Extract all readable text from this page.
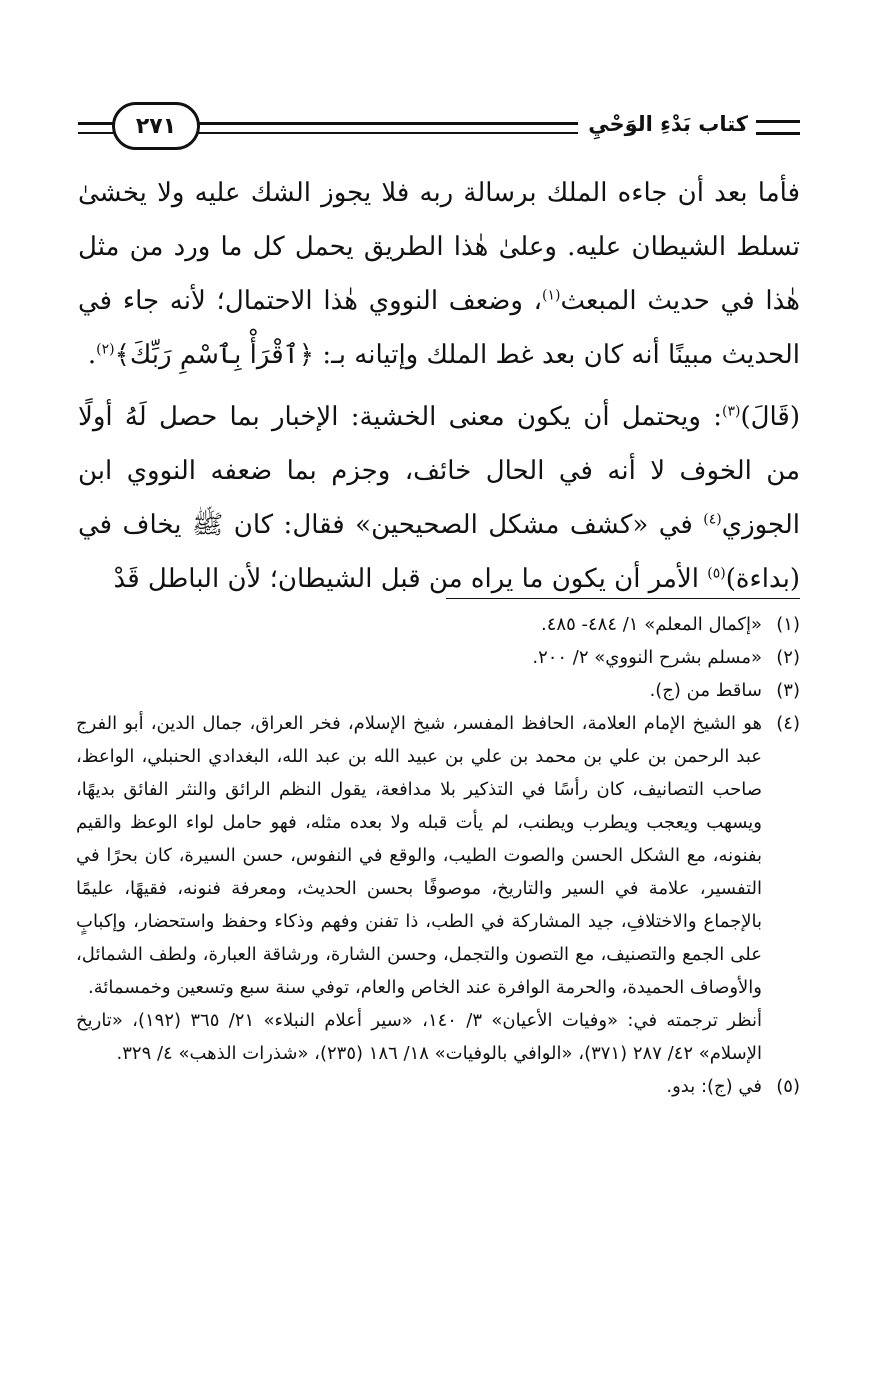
كتاب بَدْءِ الوَحْيِ
٢٧١

فأما بعد أن جاءه الملك برسالة ربه فلا يجوز الشك عليه ولا يخشىٰ تسلط الشيطان عليه. وعلىٰ هٰذا الطريق يحمل كل ما ورد من مثل هٰذا في حديث المبعث$^{(١)}$، وضعف النووي هٰذا الاحتمال؛ لأنه جاء في الحديث مبينًا أنه كان بعد غط الملك وإتيانه بـ: ﴿ٱقْرَأْ بِٱسْمِ رَبِّكَ﴾$^{(٢)}$.

(قَالَ)$^{(٣)}$: ويحتمل أن يكون معنى الخشية: الإخبار بما حصل لَهُ أولًا من الخوف لا أنه في الحال خائف، وجزم بما ضعفه النووي ابن الجوزي$^{(٤)}$ في «كشف مشكل الصحيحين» فقال: كان ﷺ يخاف في (بداءة)$^{(٥)}$ الأمر أن يكون ما يراه من قبل الشيطان؛ لأن الباطل قَدْ

(١)
«إكمال المعلم» ١/ ٤٨٤- ٤٨٥.
(٢)
«مسلم بشرح النووي» ٢/ ٢٠٠.
(٣)
ساقط من (ج).
(٤)
هو الشيخ الإمام العلامة، الحافظ المفسر، شيخ الإسلام، فخر العراق، جمال الدين، أبو الفرج عبد الرحمن بن علي بن محمد بن علي بن عبيد الله بن عبد الله، البغدادي الحنبلي، الواعظ، صاحب التصانيف، كان رأسًا في التذكير بلا مدافعة، يقول النظم الرائق والنثر الفائق بديهًا، ويسهب ويعجب ويطرب ويطنب، لم يأت قبله ولا بعده مثله، فهو حامل لواء الوعظ والقيم بفنونه، مع الشكل الحسن والصوت الطيب، والوقع في النفوس، حسن السيرة، كان بحرًا في التفسير، علامة في السير والتاريخ، موصوفًا بحسن الحديث، ومعرفة فنونه، فقيهًا، عليمًا بالإجماع والاختلافِ، جيد المشاركة في الطب، ذا تفنن وفهم وذكاء وحفظ واستحضار، وإكبابٍ على الجمع والتصنيف، مع التصون والتجمل، وحسن الشارة، ورشاقة العبارة، ولطف الشمائل، والأوصاف الحميدة، والحرمة الوافرة عند الخاص والعام، توفي سنة سبع وتسعين وخمسمائة.
أنظر ترجمته في: «وفيات الأعيان» ٣/ ١٤٠، «سير أعلام النبلاء» ٢١/ ٣٦٥ (١٩٢)، «تاريخ الإسلام» ٤٢/ ٢٨٧ (٣٧١)، «الوافي بالوفيات» ١٨/ ١٨٦ (٢٣٥)، «شذرات الذهب» ٤/ ٣٢٩.
(٥)
في (ج): بدو.
